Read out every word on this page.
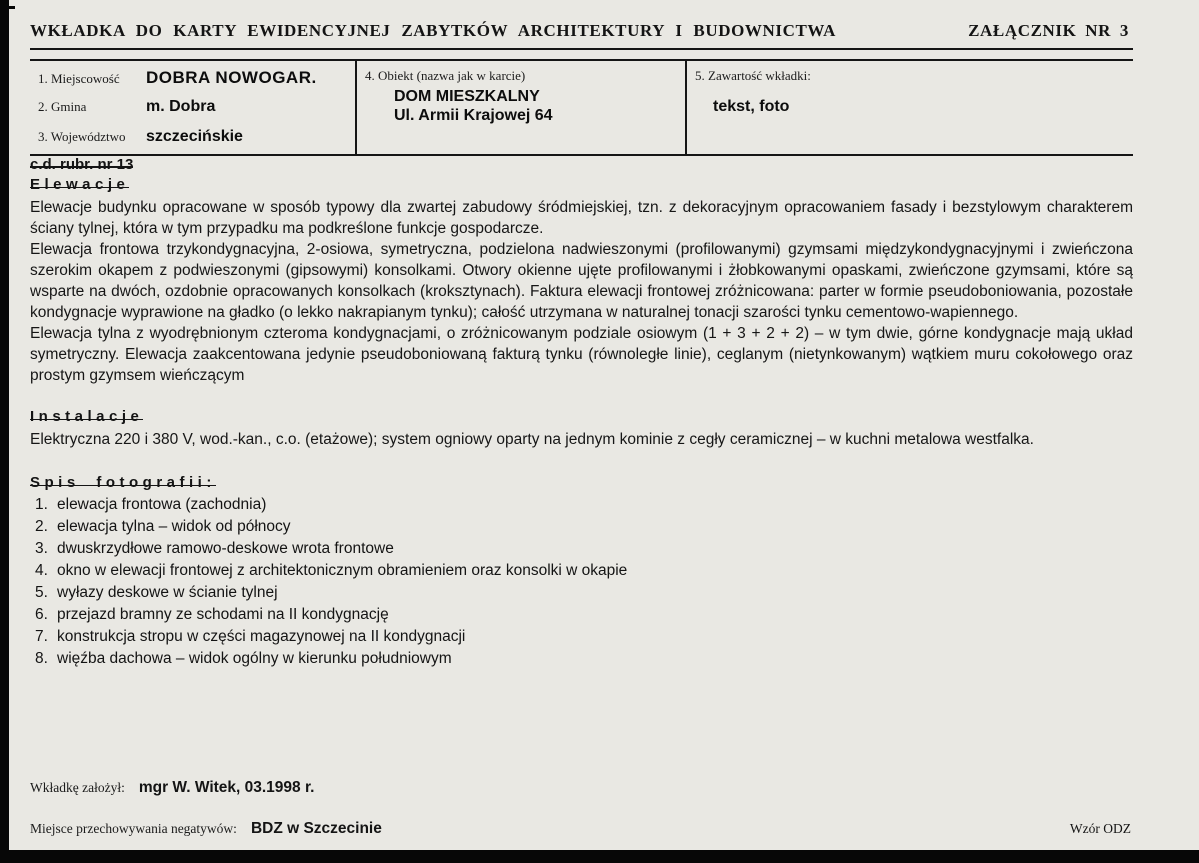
WKŁADKA DO KARTY EWIDENCYJNEJ ZABYTKÓW ARCHITEKTURY I BUDOWNICTWA	ZAŁĄCZNIK NR 3
1. Miejscowość	DOBRA NOWOGAR.
2. Gmina	m. Dobra
3. Województwo	szczecińskie
4. Obiekt (nazwa jak w karcie)
DOM MIESZKALNY
Ul. Armii Krajowej 64
5. Zawartość wkładki:
tekst, foto
c.d. rubr. nr 13
Elewacje

Elewacje budynku opracowane w sposób typowy dla zwartej zabudowy śródmiejskiej, tzn. z dekoracyjnym opracowaniem fasady i bezstylowym charakterem ściany tylnej, która w tym przypadku ma podkreślone funkcje gospodarcze.

Elewacja frontowa trzykondygnacyjna, 2-osiowa, symetryczna, podzielona nadwieszonymi (profilowanymi) gzymsami międzykondygnacyjnymi i zwieńczona szerokim okapem z podwieszonymi (gipsowymi) konsolkami. Otwory okienne ujęte profilowanymi i żłobkowanymi opaskami, zwieńczone gzymsami, które są wsparte na dwóch, ozdobnie opracowanych konsolkach (kroksztynach). Faktura elewacji frontowej zróżnicowana: parter w formie pseudoboniowania, pozostałe kondygnacje wyprawione na gładko (o lekko nakrapianym tynku); całość utrzymana w naturalnej tonacji szarości tynku cementowo-wapiennego.

Elewacja tylna z wyodrębnionym czteroma kondygnacjami, o zróżnicowanym podziale osiowym (1 + 3 + 2 + 2) – w tym dwie, górne kondygnacje mają układ symetryczny. Elewacja zaakcentowana jedynie pseudoboniowaną fakturą tynku (równoległe linie), ceglanym (nietynkowanym) wątkiem muru cokołowego oraz prostym gzymsem wieńczącym

Instalacje

Elektryczna 220 i 380 V, wod.-kan., c.o. (etażowe); system ogniowy oparty na jednym kominie z cegły ceramicznej – w kuchni metalowa westfalka.

Spis fotografii:
1. elewacja frontowa (zachodnia)
2. elewacja tylna – widok od północy
3. dwuskrzydłowe ramowo-deskowe wrota frontowe
4. okno w elewacji frontowej z architektonicznym obramieniem oraz konsolki w okapie
5. wyłazy deskowe w ścianie tylnej
6. przejazd bramny ze schodami na II kondygnację
7. konstrukcja stropu w części magazynowej na II kondygnacji
8. więźba dachowa – widok ogólny w kierunku południowym
Wkładkę założył: mgr W. Witek, 03.1998 r.
Miejsce przechowywania negatywów: BDZ w Szczecinie	Wzór ODZ
